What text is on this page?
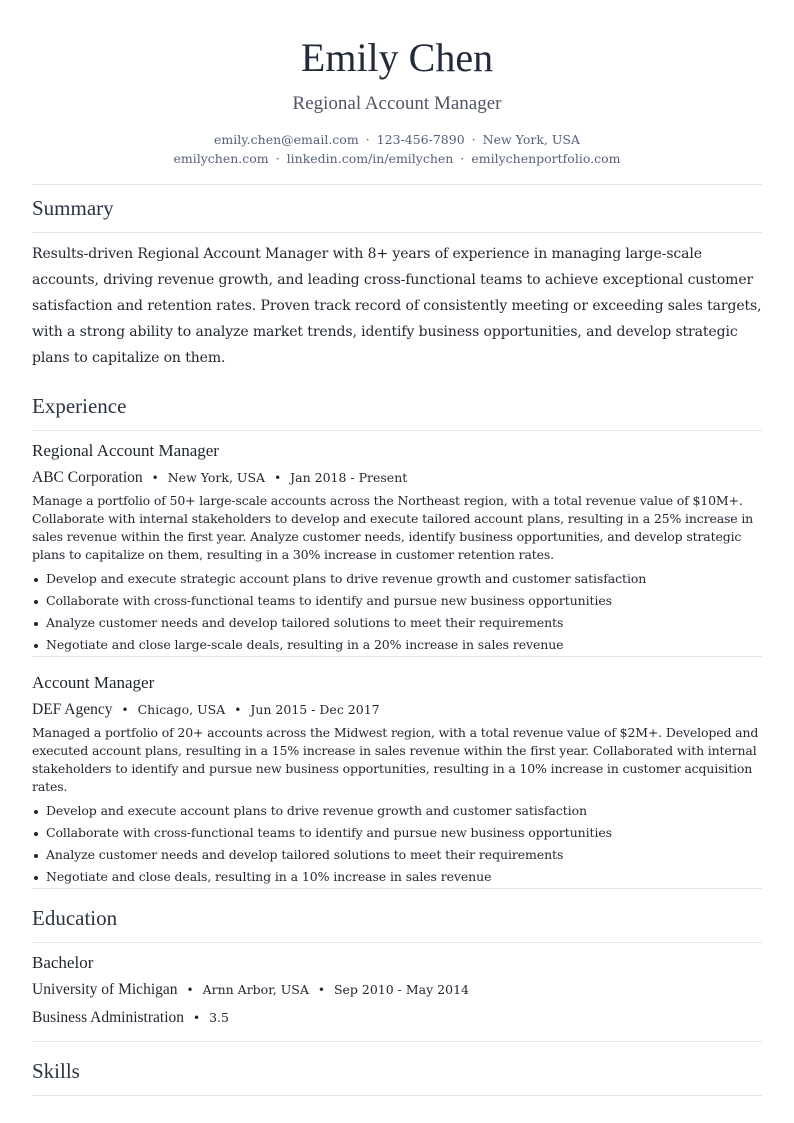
Emily Chen
Regional Account Manager
emily.chen@email.com · 123-456-7890 · New York, USA
emilychen.com · linkedin.com/in/emilychen · emilychenportfolio.com
Summary

Results-driven Regional Account Manager with 8+ years of experience in managing large-scale accounts, driving revenue growth, and leading cross-functional teams to achieve exceptional customer satisfaction and retention rates. Proven track record of consistently meeting or exceeding sales targets, with a strong ability to analyze market trends, identify business opportunities, and develop strategic plans to capitalize on them.

Experience
Regional Account Manager
ABC Corporation • New York, USA • Jan 2018 - Present

Manage a portfolio of 50+ large-scale accounts across the Northeast region, with a total revenue value of $10M+. Collaborate with internal stakeholders to develop and execute tailored account plans, resulting in a 25% increase in sales revenue within the first year. Analyze customer needs, identify business opportunities, and develop strategic plans to capitalize on them, resulting in a 30% increase in customer retention rates.

Develop and execute strategic account plans to drive revenue growth and customer satisfaction
Collaborate with cross-functional teams to identify and pursue new business opportunities
Analyze customer needs and develop tailored solutions to meet their requirements
Negotiate and close large-scale deals, resulting in a 20% increase in sales revenue
Account Manager
DEF Agency • Chicago, USA • Jun 2015 - Dec 2017

Managed a portfolio of 20+ accounts across the Midwest region, with a total revenue value of $2M+. Developed and executed account plans, resulting in a 15% increase in sales revenue within the first year. Collaborated with internal stakeholders to identify and pursue new business opportunities, resulting in a 10% increase in customer acquisition rates.

Develop and execute account plans to drive revenue growth and customer satisfaction
Collaborate with cross-functional teams to identify and pursue new business opportunities
Analyze customer needs and develop tailored solutions to meet their requirements
Negotiate and close deals, resulting in a 10% increase in sales revenue
Education
Bachelor
University of Michigan • Arnn Arbor, USA • Sep 2010 - May 2014
Business Administration • 3.5
Skills
